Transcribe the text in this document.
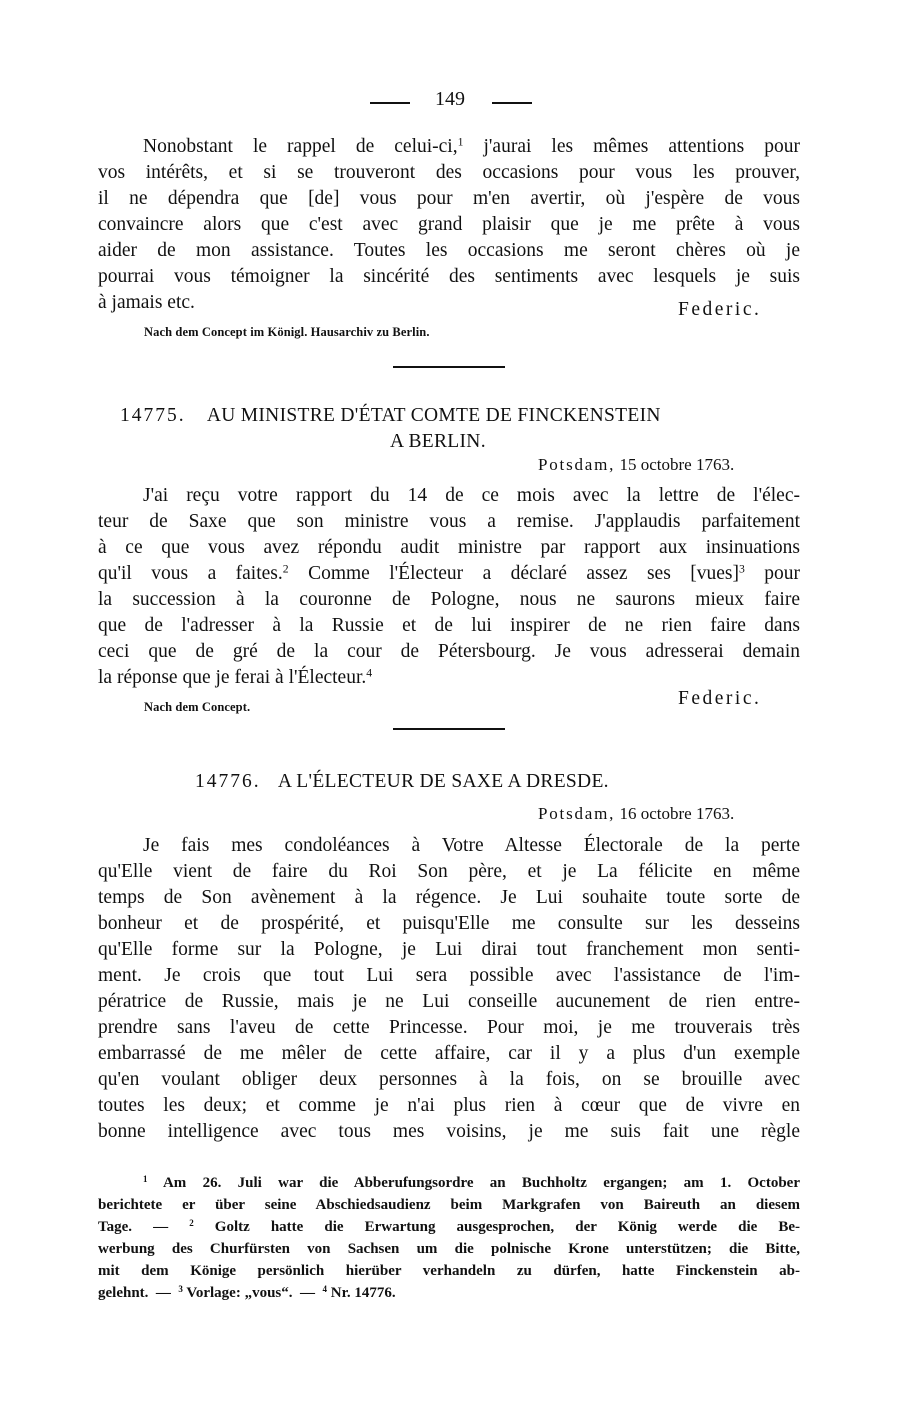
149
Nonobstant le rappel de celui-ci,$^1$ j'aurai les mêmes attentions pour
vos intérêts, et si se trouveront des occasions pour vous les prouver,
il ne dépendra que [de] vous pour m'en avertir, où j'espère de vous
convaincre alors que c'est avec grand plaisir que je me prête à vous
aider de mon assistance. Toutes les occasions me seront chères où je
pourrai vous témoigner la sincérité des sentiments avec lesquels je suis
à jamais etc.	Federic.
Nach dem Concept im Königl. Hausarchiv zu Berlin.
14775. AU MINISTRE D'ÉTAT COMTE DE FINCKENSTEIN
A BERLIN.
Potsdam, 15 octobre 1763.
J'ai reçu votre rapport du 14 de ce mois avec la lettre de l'élec-
teur de Saxe que son ministre vous a remise. J'applaudis parfaitement
à ce que vous avez répondu audit ministre par rapport aux insinuations
qu'il vous a faites.$^2$ Comme l'Électeur a déclaré assez ses [vues]$^3$ pour
la succession à la couronne de Pologne, nous ne saurons mieux faire
que de l'adresser à la Russie et de lui inspirer de ne rien faire dans
ceci que de gré de la cour de Pétersbourg. Je vous adresserai demain
la réponse que je ferai à l'Électeur.$^4$
Nach dem Concept.	Federic.
14776. A L'ÉLECTEUR DE SAXE A DRESDE.
Potsdam, 16 octobre 1763.
Je fais mes condoléances à Votre Altesse Électorale de la perte
qu'Elle vient de faire du Roi Son père, et je La félicite en même
temps de Son avènement à la régence. Je Lui souhaite toute sorte de
bonheur et de prospérité, et puisqu'Elle me consulte sur les desseins
qu'Elle forme sur la Pologne, je Lui dirai tout franchement mon senti-
ment. Je crois que tout Lui sera possible avec l'assistance de l'im-
pératrice de Russie, mais je ne Lui conseille aucunement de rien entre-
prendre sans l'aveu de cette Princesse. Pour moi, je me trouverais très
embarrassé de me mêler de cette affaire, car il y a plus d'un exemple
qu'en voulant obliger deux personnes à la fois, on se brouille avec
toutes les deux; et comme je n'ai plus rien à cœur que de vivre en
bonne intelligence avec tous mes voisins, je me suis fait une règle
$^1$ Am 26. Juli war die Abberufungsordre an Buchholtz ergangen; am 1. October
berichtete er über seine Abschiedsaudienz beim Markgrafen von Baireuth an diesem
Tage. — $^2$ Goltz hatte die Erwartung ausgesprochen, der König werde die Be-
werbung des Churfürsten von Sachsen um die polnische Krone unterstützen; die Bitte,
mit dem Könige persönlich hierüber verhandeln zu dürfen, hatte Finckenstein ab-
gelehnt. — $^3$ Vorlage: „vous“. — $^4$ Nr. 14776.
